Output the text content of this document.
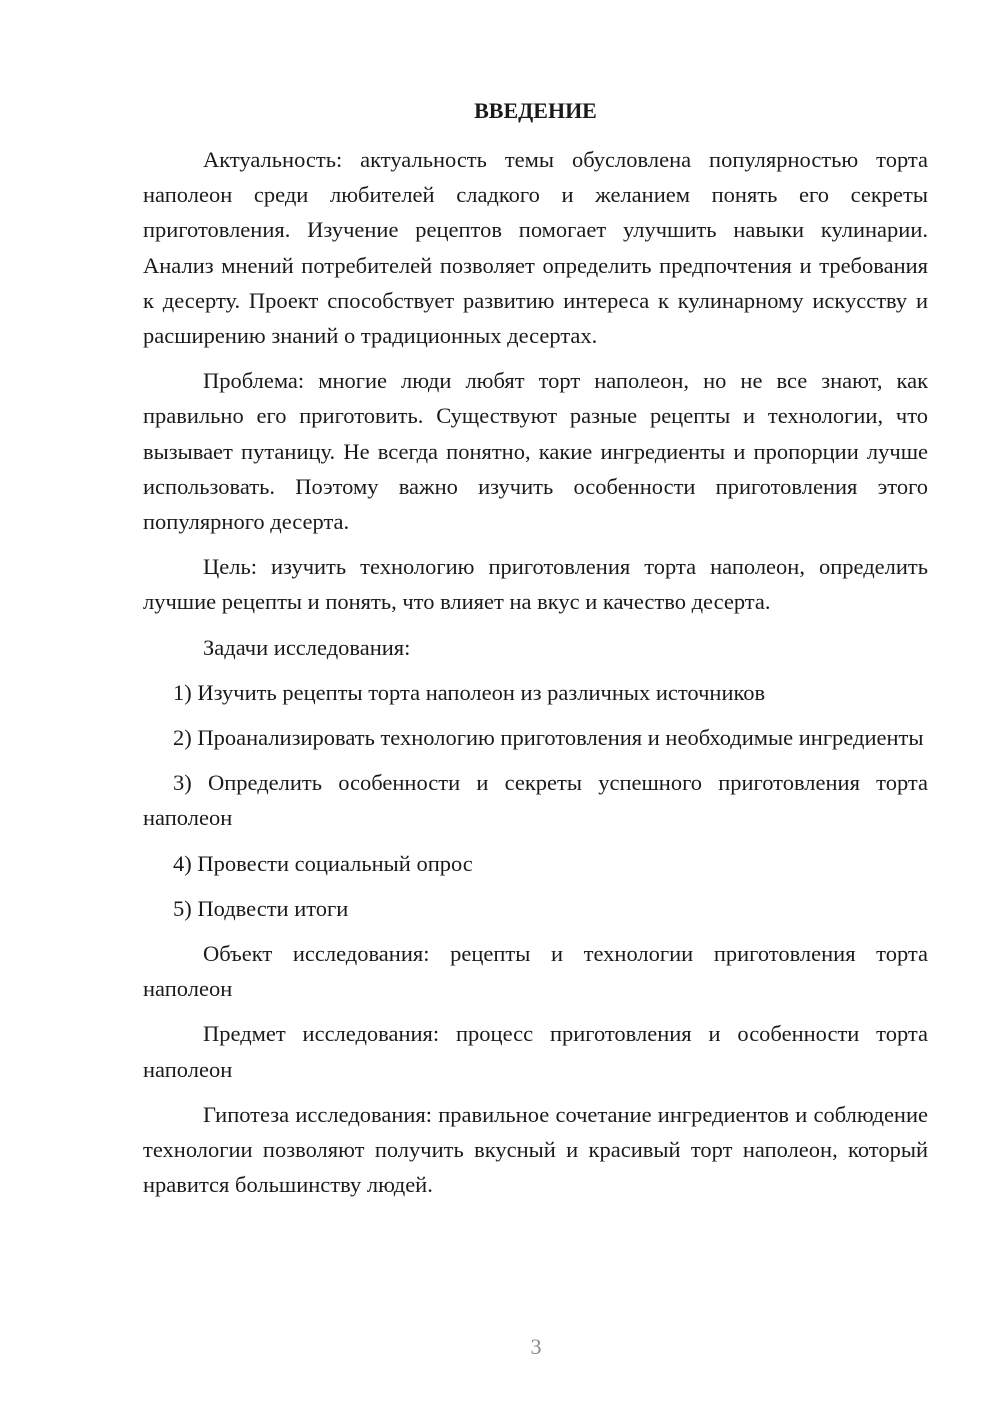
ВВЕДЕНИЕ

Актуальность: актуальность темы обусловлена популярностью торта наполеон среди любителей сладкого и желанием понять его секреты приготовления. Изучение рецептов помогает улучшить навыки кулинарии. Анализ мнений потребителей позволяет определить предпочтения и требования к десерту. Проект способствует развитию интереса к кулинарному искусству и расширению знаний о традиционных десертах.

Проблема: многие люди любят торт наполеон, но не все знают, как правильно его приготовить. Существуют разные рецепты и технологии, что вызывает путаницу. Не всегда понятно, какие ингредиенты и пропорции лучше использовать. Поэтому важно изучить особенности приготовления этого популярного десерта.

Цель: изучить технологию приготовления торта наполеон, определить лучшие рецепты и понять, что влияет на вкус и качество десерта.

Задачи исследования:

1) Изучить рецепты торта наполеон из различных источников

2) Проанализировать технологию приготовления и необходимые ингредиенты

3) Определить особенности и секреты успешного приготовления торта наполеон

4) Провести социальный опрос

5) Подвести итоги

Объект исследования: рецепты и технологии приготовления торта наполеон

Предмет исследования: процесс приготовления и особенности торта наполеон

Гипотеза исследования: правильное сочетание ингредиентов и соблюдение технологии позволяют получить вкусный и красивый торт наполеон, который нравится большинству людей.

3
